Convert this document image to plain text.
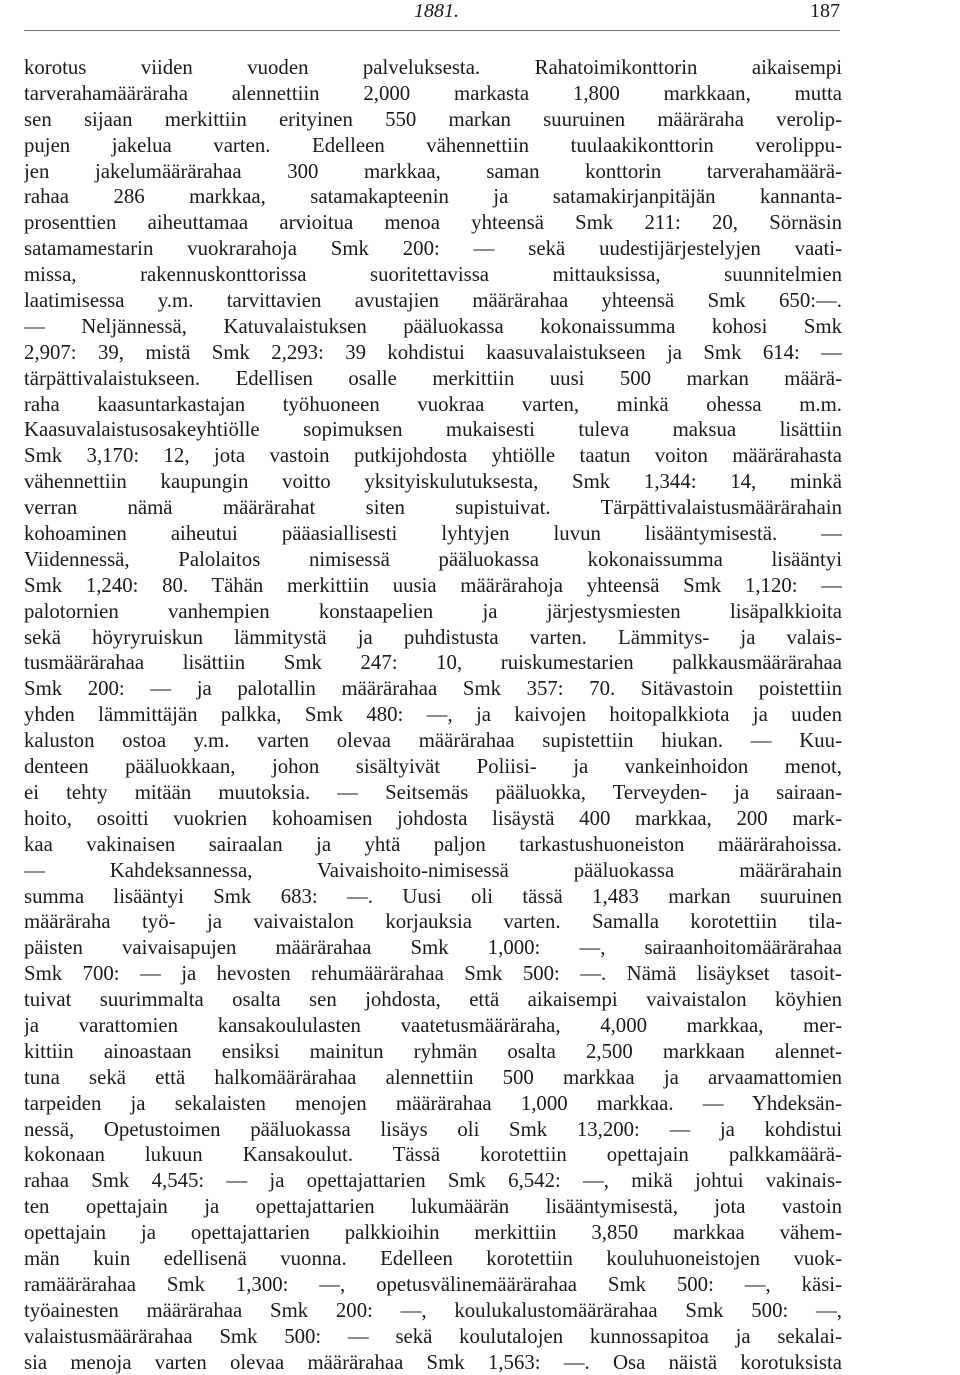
1881.	187
korotus viiden vuoden palveluksesta. Rahatoimikonttorin aikaisempi
tarverahamääräraha alennettiin 2,000 markasta 1,800 markkaan, mutta
sen sijaan merkittiin erityinen 550 markan suuruinen määräraha verolip-
pujen jakelua varten. Edelleen vähennettiin tuulaakikonttorin verolippu-
jen jakelumäärärahaa 300 markkaa, saman konttorin tarverahamäärä-
rahaa 286 markkaa, satamakapteenin ja satamakirjanpitäjän kannanta-
prosenttien aiheuttamaa arvioitua menoa yhteensä Smk 211: 20, Sörnäsin
satamamestarin vuokrarahoja Smk 200: — sekä uudestijärjestelyjen vaati-
missa, rakennuskonttorissa suoritettavissa mittauksissa, suunnitelmien
laatimisessa y.m. tarvittavien avustajien määrärahaa yhteensä Smk 650:—.
— Neljännessä, Katuvalaistuksen pääluokassa kokonaissumma kohosi Smk
2,907: 39, mistä Smk 2,293: 39 kohdistui kaasuvalaistukseen ja Smk 614: —
tärpättivalaistukseen. Edellisen osalle merkittiin uusi 500 markan määrä-
raha kaasuntarkastajan työhuoneen vuokraa varten, minkä ohessa m.m.
Kaasuvalaistusosakeyhtiölle sopimuksen mukaisesti tuleva maksua lisättiin
Smk 3,170: 12, jota vastoin putkijohdosta yhtiölle taatun voiton määrärahasta
vähennettiin kaupungin voitto yksityiskulutuksesta, Smk 1,344: 14, minkä
verran nämä määrärahat siten supistuivat. Tärpättivalaistusmäärärahain
kohoaminen aiheutui pääasiallisesti lyhtyjen luvun lisääntymisestä. —
Viidennessä, Palolaitos nimisessä pääluokassa kokonaissumma lisääntyi
Smk 1,240: 80. Tähän merkittiin uusia määrärahoja yhteensä Smk 1,120: —
palotornien vanhempien konstaapelien ja järjestysmiesten lisäpalkkioita
sekä höyryruiskun lämmitystä ja puhdistusta varten. Lämmitys- ja valais-
tusmäärärahaa lisättiin Smk 247: 10, ruiskumestarien palkkausmäärärahaa
Smk 200: — ja palotallin määrärahaa Smk 357: 70. Sitävastoin poistettiin
yhden lämmittäjän palkka, Smk 480: —, ja kaivojen hoitopalkkiota ja uuden
kaluston ostoa y.m. varten olevaa määrärahaa supistettiin hiukan. — Kuu-
denteen pääluokkaan, johon sisältyivät Poliisi- ja vankeinhoidon menot,
ei tehty mitään muutoksia. — Seitsemäs pääluokka, Terveyden- ja sairaan-
hoito, osoitti vuokrien kohoamisen johdosta lisäystä 400 markkaa, 200 mark-
kaa vakinaisen sairaalan ja yhtä paljon tarkastushuoneiston määrärahoissa.
— Kahdeksannessa, Vaivaishoito-nimisessä pääluokassa määrärahain
summa lisääntyi Smk 683: —. Uusi oli tässä 1,483 markan suuruinen
määräraha työ- ja vaivaistalon korjauksia varten. Samalla korotettiin tila-
päisten vaivaisapujen määrärahaa Smk 1,000: —, sairaanhoitomäärärahaa
Smk 700: — ja hevosten rehumäärärahaa Smk 500: —. Nämä lisäykset tasoit-
tuivat suurimmalta osalta sen johdosta, että aikaisempi vaivaistalon köyhien
ja varattomien kansakoululasten vaatetusmääräraha, 4,000 markkaa, mer-
kittiin ainoastaan ensiksi mainitun ryhmän osalta 2,500 markkaan alennet-
tuna sekä että halkomäärärahaa alennettiin 500 markkaa ja arvaamattomien
tarpeiden ja sekalaisten menojen määrärahaa 1,000 markkaa. — Yhdeksän-
nessä, Opetustoimen pääluokassa lisäys oli Smk 13,200: — ja kohdistui
kokonaan lukuun Kansakoulut. Tässä korotettiin opettajain palkkamäärä-
rahaa Smk 4,545: — ja opettajattarien Smk 6,542: —, mikä johtui vakinais-
ten opettajain ja opettajattarien lukumäärän lisääntymisestä, jota vastoin
opettajain ja opettajattarien palkkioihin merkittiin 3,850 markkaa vähem-
män kuin edellisenä vuonna. Edelleen korotettiin kouluhuoneistojen vuok-
ramäärärahaa Smk 1,300: —, opetusvälinemäärärahaa Smk 500: —, käsi-
työainesten määrärahaa Smk 200: —, koulukalustomäärärahaa Smk 500: —,
valaistusmäärärahaa Smk 500: — sekä koulutalojen kunnossapitoa ja sekalai-
sia menoja varten olevaa määrärahaa Smk 1,563: —. Osa näistä korotuksista
